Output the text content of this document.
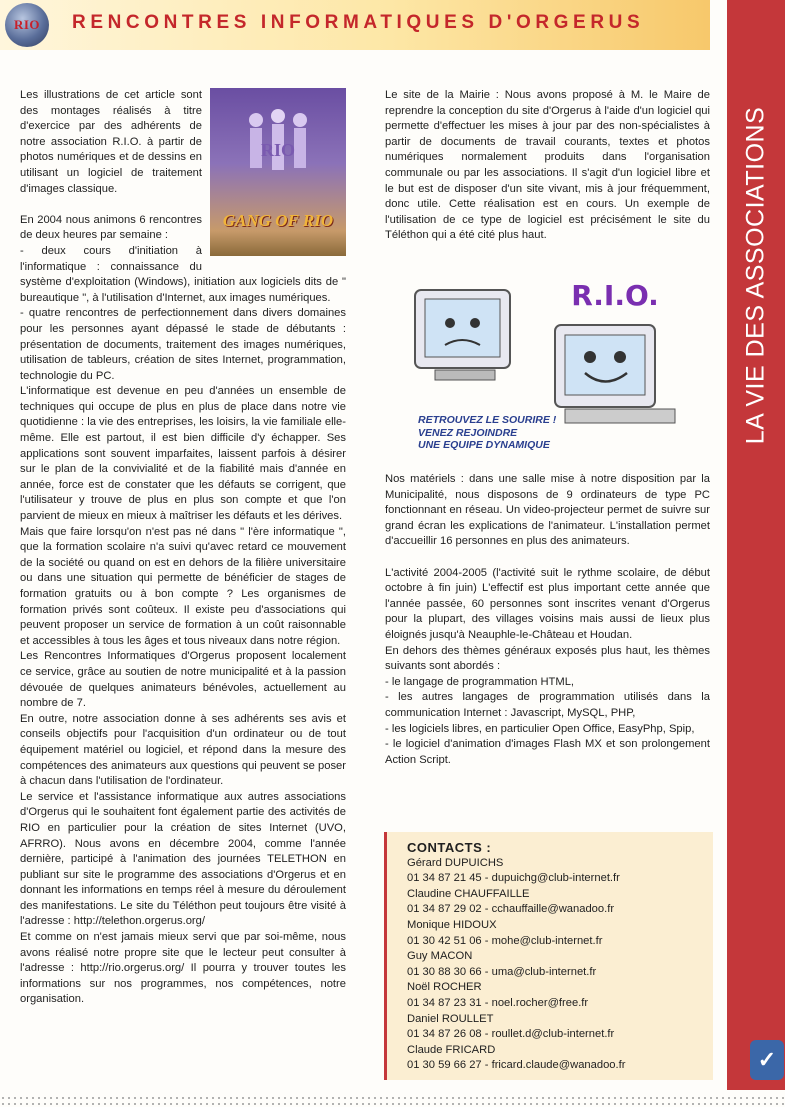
RIO	RENCONTRES INFORMATIQUES D'ORGERUS
LA VIE DES ASSOCIATIONS
✓
RIO
GANG OF RIO

Les illustrations de cet article sont des montages réalisés à titre d'exercice par des adhérents de notre association R.I.O. à partir de photos numériques et de dessins en utilisant un logiciel de traitement d'images classique.

En 2004 nous animons 6 rencontres de deux heures par semaine :

- deux cours d'initiation à l'informatique : connaissance du système d'exploitation (Windows), initiation aux logiciels dits de " bureautique ", à l'utilisation d'Internet, aux images numériques.

- quatre rencontres de perfectionnement dans divers domaines pour les personnes ayant dépassé le stade de débutants : présentation de documents, traitement des images numériques, utilisation de tableurs, création de sites Internet, programmation, technologie du PC.

L'informatique est devenue en peu d'années un ensemble de techniques qui occupe de plus en plus de place dans notre vie quotidienne : la vie des entreprises, les loisirs, la vie familiale elle-même. Elle est partout, il est bien difficile d'y échapper. Ses applications sont souvent imparfaites, laissent parfois à désirer sur le plan de la convivialité et de la fiabilité mais d'année en année, force est de constater que les défauts se corrigent, que l'utilisateur y trouve de plus en plus son compte et que l'on parvient de mieux en mieux à maîtriser les défauts et les dérives.

Mais que faire lorsqu'on n'est pas né dans " l'ère informatique ", que la formation scolaire n'a suivi qu'avec retard ce mouvement de la société ou quand on est en dehors de la filière universitaire ou dans une situation qui permette de bénéficier de stages de formation gratuits ou à bon compte ? Les organismes de formation privés sont coûteux. Il existe peu d'associations qui peuvent proposer un service de formation à un coût raisonnable et accessibles à tous les âges et tous niveaux dans notre région.

Les Rencontres Informatiques d'Orgerus proposent localement ce service, grâce au soutien de notre municipalité et à la passion dévouée de quelques animateurs bénévoles, actuellement au nombre de 7.

En outre, notre association donne à ses adhérents ses avis et conseils objectifs pour l'acquisition d'un ordinateur ou de tout équipement matériel ou logiciel, et répond dans la mesure des compétences des animateurs aux questions qui peuvent se poser à chacun dans l'utilisation de l'ordinateur.

Le service et l'assistance informatique aux autres associations d'Orgerus qui le souhaitent font également partie des activités de RIO en particulier pour la création de sites Internet (UVO, AFRRO). Nous avons en décembre 2004, comme l'année dernière, participé à l'animation des journées TELETHON en publiant sur site le programme des associations d'Orgerus et en donnant les informations en temps réel à mesure du déroulement des manifestations. Le site du Téléthon peut toujours être visité à l'adresse : http://telethon.orgerus.org/

Et comme on n'est jamais mieux servi que par soi-même, nous avons réalisé notre propre site que le lecteur peut consulter à l'adresse : http://rio.orgerus.org/ Il pourra y trouver toutes les informations sur nos programmes, nos compétences, notre organisation.

Le site de la Mairie : Nous avons proposé à M. le Maire de reprendre la conception du site d'Orgerus à l'aide d'un logiciel qui permette d'effectuer les mises à jour par des non-spécialistes à partir de documents de travail courants, textes et photos numériques normalement produits dans l'organisation communale ou par les associations. Il s'agit d'un logiciel libre et le but est de disposer d'un site vivant, mis à jour fréquemment, donc utile. Cette réalisation est en cours. Un exemple de l'utilisation de ce type de logiciel est précisément le site du Téléthon qui a été cité plus haut.

R.I.O.
RETROUVEZ LE SOURIRE !
VENEZ REJOINDRE
UNE EQUIPE DYNAMIQUE

Nos matériels : dans une salle mise à notre disposition par la Municipalité, nous disposons de 9 ordinateurs de type PC fonctionnant en réseau. Un video-projecteur permet de suivre sur grand écran les explications de l'animateur. L'installation permet d'accueillir 16 personnes en plus des animateurs.

L'activité 2004-2005 (l'activité suit le rythme scolaire, de début octobre à fin juin) L'effectif est plus important cette année que l'année passée, 60 personnes sont inscrites venant d'Orgerus pour la plupart, des villages voisins mais aussi de lieux plus éloignés jusqu'à Neauphle-le-Château et Houdan.

En dehors des thèmes généraux exposés plus haut, les thèmes suivants sont abordés :

- le langage de programmation HTML,

- les autres langages de programmation utilisés dans la communication Internet : Javascript, MySQL, PHP,

- les logiciels libres, en particulier Open Office, EasyPhp, Spip,

- le logiciel d'animation d'images Flash MX et son prolongement Action Script.

CONTACTS :
Gérard DUPUICHS
01 34 87 21 45 - dupuichg@club-internet.fr
Claudine CHAUFFAILLE
01 34 87 29 02 - cchauffaille@wanadoo.fr
Monique HIDOUX
01 30 42 51 06 - mohe@club-internet.fr
Guy MACON
01 30 88 30 66 - uma@club-internet.fr
Noël ROCHER
01 34 87 23 31 - noel.rocher@free.fr
Daniel ROULLET
01 34 87 26 08 - roullet.d@club-internet.fr
Claude FRICARD
01 30 59 66 27 - fricard.claude@wanadoo.fr
